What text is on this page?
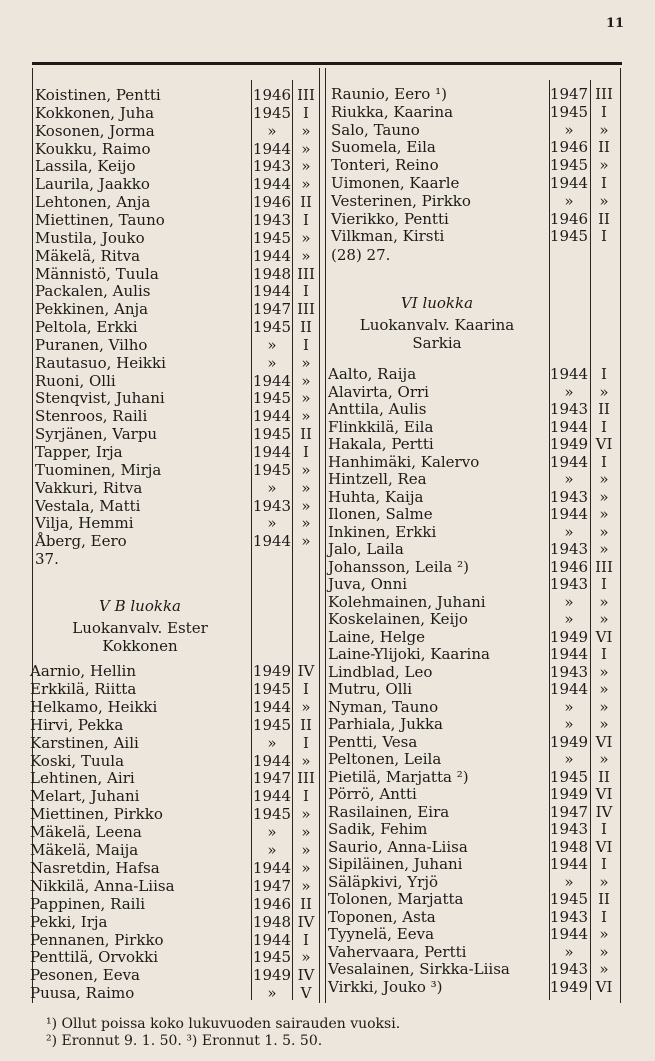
11
Koistinen, Pentti	1946 III
Kokkonen, Juha	1945 I
Kosonen, Jorma	»	»
Koukku, Raimo	1944 »
Lassila, Keijo	1943 »
Laurila, Jaakko	1944 »
Lehtonen, Anja	1946 II
Miettinen, Tauno	1943 I
Mustila, Jouko	1945 »
Mäkelä, Ritva	1944 »
Männistö, Tuula	1948 III
Packalen, Aulis	1944 I
Pekkinen, Anja	1947 III
Peltola, Erkki	1945 II
Puranen, Vilho	»	I
Rautasuo, Heikki	»	»
Ruoni, Olli	1944 »
Stenqvist, Juhani	1945 »
Stenroos, Raili	1944 »
Syrjänen, Varpu	1945 II
Tapper, Irja	1944 I
Tuominen, Mirja	1945 »
Vakkuri, Ritva	»	»
Vestala, Matti	1943 »
Vilja, Hemmi	»	»
Åberg, Eero	1944 »
37.
V B luokka
Luokanvalv. Ester
Kokkonen
Aarnio, Hellin	1949 IV
Erkkilä, Riitta	1945 I
Helkamo, Heikki	1944 »
Hirvi, Pekka	1945 II
Karstinen, Aili	»	I
Koski, Tuula	1944 »
Lehtinen, Airi	1947 III
Melart, Juhani	1944 I
Miettinen, Pirkko	1945 »
Mäkelä, Leena	»	»
Mäkelä, Maija	»	»
Nasretdin, Hafsa	1944 »
Nikkilä, Anna-Liisa	1947 »
Pappinen, Raili	1946 II
Pekki, Irja	1948 IV
Pennanen, Pirkko	1944 I
Penttilä, Orvokki	1945 »
Pesonen, Eeva	1949 IV
Puusa, Raimo	»	V
Raunio, Eero ¹)	1947 III
Riukka, Kaarina	1945 I
Salo, Tauno	»	»
Suomela, Eila	1946 II
Tonteri, Reino	1945 »
Uimonen, Kaarle	1944 I
Vesterinen, Pirkko	»	»
Vierikko, Pentti	1946 II
Vilkman, Kirsti	1945 I
(28) 27.
VI luokka
Luokanvalv. Kaarina
Sarkia
Aalto, Raija	1944 I
Alavirta, Orri	»	»
Anttila, Aulis	1943 II
Flinkkilä, Eila	1944 I
Hakala, Pertti	1949 VI
Hanhimäki, Kalervo	1944 I
Hintzell, Rea	»	»
Huhta, Kaija	1943 »
Ilonen, Salme	1944 »
Inkinen, Erkki	»	»
Jalo, Laila	1943 »
Johansson, Leila ²)	1946 III
Juva, Onni	1943 I
Kolehmainen, Juhani	»	»
Koskelainen, Keijo	»	»
Laine, Helge	1949 VI
Laine-Ylijoki, Kaarina	1944 I
Lindblad, Leo	1943 »
Mutru, Olli	1944 »
Nyman, Tauno	»	»
Parhiala, Jukka	»	»
Pentti, Vesa	1949 VI
Peltonen, Leila	»	»
Pietilä, Marjatta ²)	1945 II
Pörrö, Antti	1949 VI
Rasilainen, Eira	1947 IV
Sadik, Fehim	1943 I
Saurio, Anna-Liisa	1948 VI
Sipiläinen, Juhani	1944 I
Säläpkivi, Yrjö	»	»
Tolonen, Marjatta	1945 II
Toponen, Asta	1943 I
Tyynelä, Eeva	1944 »
Vahervaara, Pertti	»	»
Vesalainen, Sirkka-Liisa	1943 »
Virkki, Jouko ³)	1949 VI
¹) Ollut poissa koko lukuvuoden sairauden vuoksi.
²) Eronnut 9. 1. 50. ³) Eronnut 1. 5. 50.
